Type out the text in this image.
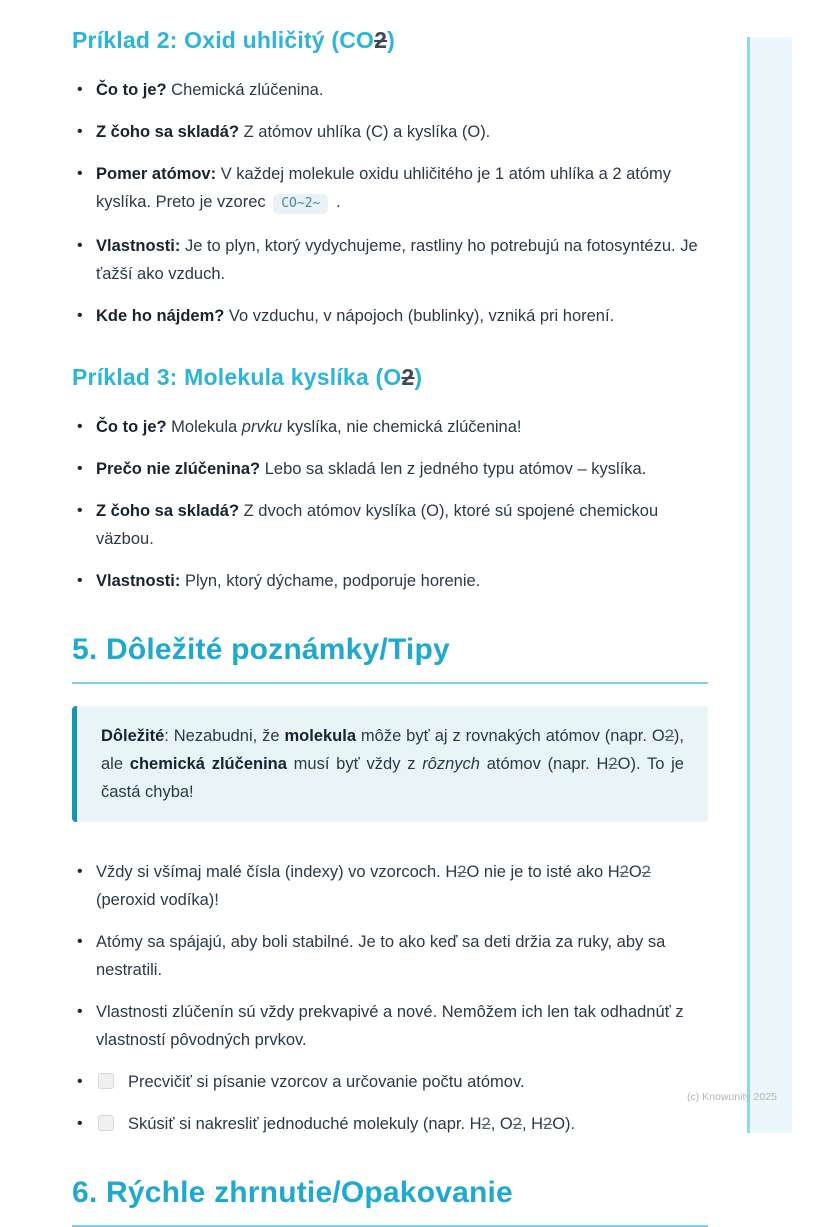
(c) Knowunity 2025
Príklad 2: Oxid uhličitý (CO2)
• Čo to je? Chemická zlúčenina.
• Z čoho sa skladá? Z atómov uhlíka (C) a kyslíka (O).
• Pomer atómov: V každej molekule oxidu uhličitého je 1 atóm uhlíka a 2 atómy kyslíka. Preto je vzorec CO~2~ .
• Vlastnosti: Je to plyn, ktorý vydychujeme, rastliny ho potrebujú na fotosyntézu. Je ťažší ako vzduch.
• Kde ho nájdem? Vo vzduchu, v nápojoch (bublinky), vzniká pri horení.
Príklad 3: Molekula kyslíka (O2)
• Čo to je? Molekula prvku kyslíka, nie chemická zlúčenina!
• Prečo nie zlúčenina? Lebo sa skladá len z jedného typu atómov – kyslíka.
• Z čoho sa skladá? Z dvoch atómov kyslíka (O), ktoré sú spojené chemickou väzbou.
• Vlastnosti: Plyn, ktorý dýchame, podporuje horenie.
5. Dôležité poznámky/Tipy
Dôležité: Nezabudni, že molekula môže byť aj z rovnakých atómov (napr. O2), ale chemická zlúčenina musí byť vždy z rôznych atómov (napr. H2O). To je častá chyba!
• Vždy si všímaj malé čísla (indexy) vo vzorcoch. H2O nie je to isté ako H2O2 (peroxid vodíka)!
• Atómy sa spájajú, aby boli stabilné. Je to ako keď sa deti držia za ruky, aby sa nestratili.
• Vlastnosti zlúčenín sú vždy prekvapivé a nové. Nemôžem ich len tak odhadnúť z vlastností pôvodných prvkov.
• Precvičiť si písanie vzorcov a určovanie počtu atómov.
• Skúsiť si nakresliť jednoduché molekuly (napr. H2, O2, H2O).
6. Rýchle zhrnutie/Opakovanie
